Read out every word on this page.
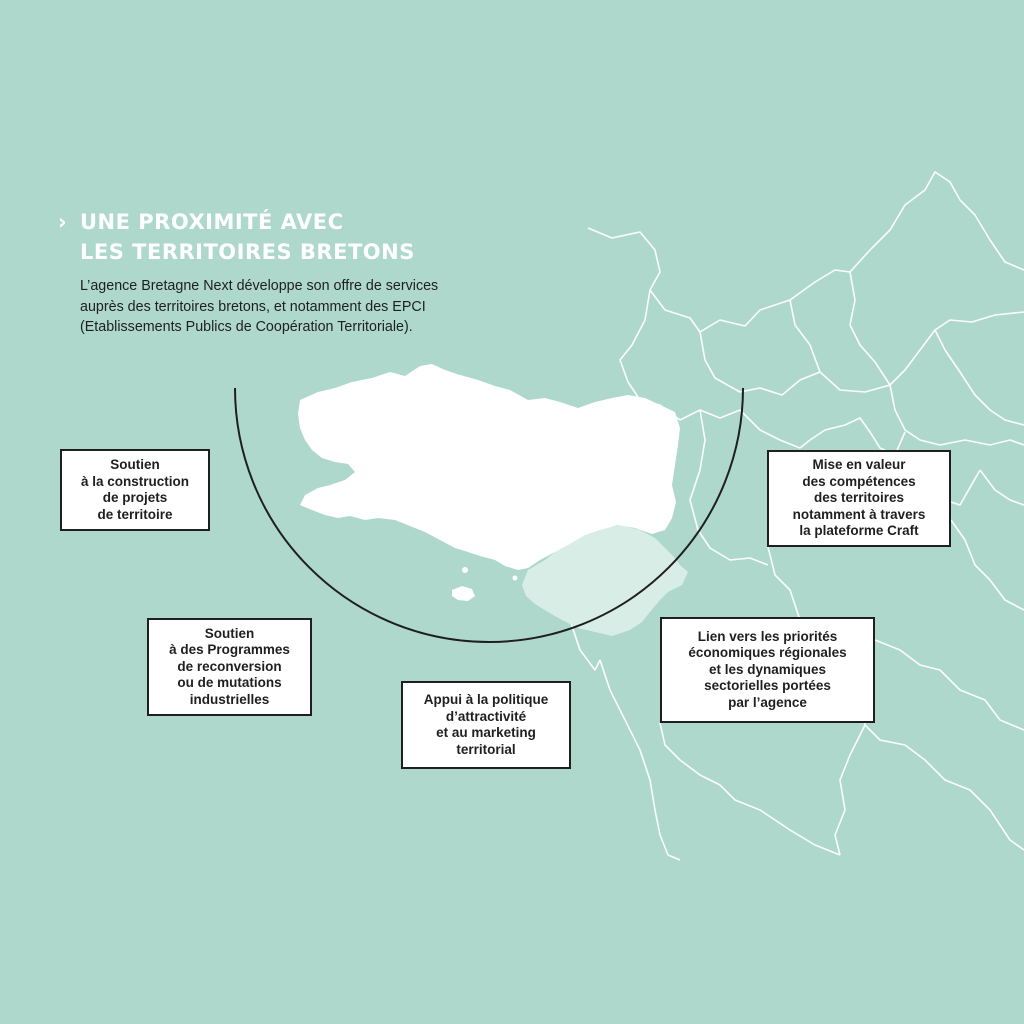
› UNE PROXIMITÉ AVEC
LES TERRITOIRES BRETONS
L’agence Bretagne Next développe son offre de services auprès des territoires bretons, et notamment des EPCI (Etablissements Publics de Coopération Territoriale).
Soutien
à la construction
de projets
de territoire
Soutien
à des Programmes
de reconversion
ou de mutations
industrielles	Appui à la politique
d’attractivité
et au marketing
territorial
Lien vers les priorités
économiques régionales
et les dynamiques
sectorielles portées
par l’agence
Mise en valeur
des compétences
des territoires
notamment à travers
la plateforme Craft
